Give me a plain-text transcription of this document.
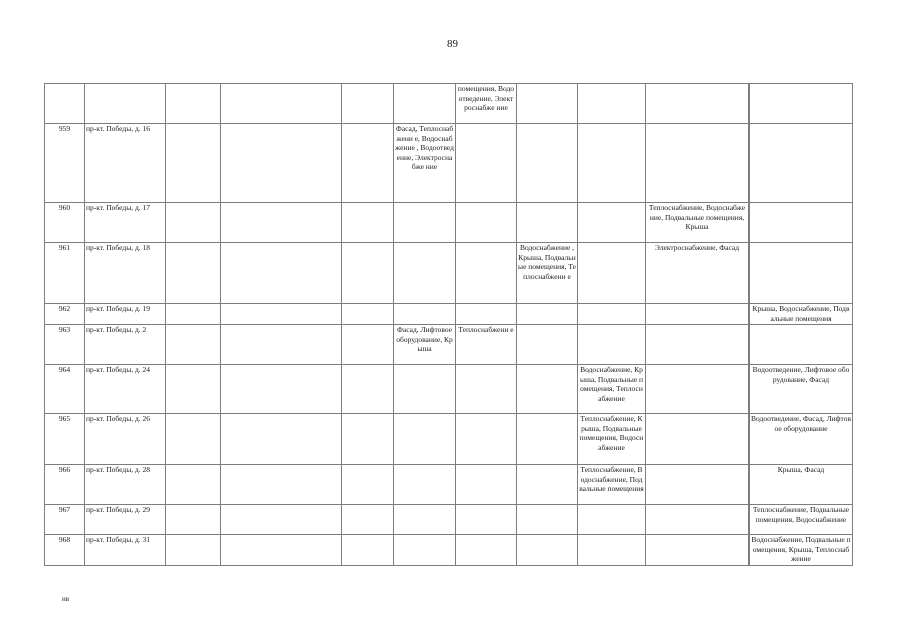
89
						помещения, Водоотведение, Электроснабже ние					
959	пр-кт. Победы, д. 16				Фасад, Теплоснабжени е, Водоснабжение , Водоотведение, Электроснабже ние						
960	пр-кт. Победы, д. 17								Теплоснабжение, Водоснабжение, Подвальные помещения, Крыша		
961	пр-кт. Победы, д. 18						Водоснабжение , Крыша, Подвальные помещения, Теплоснабжени е		Электроснабжение, Фасад		
962	пр-кт. Победы, д. 19										Крыша, Водоснабжение, Подвальные помещения
963	пр-кт. Победы, д. 2				Фасад, Лифтовое оборудование, Крыша	Теплоснабжени е					
964	пр-кт. Победы, д. 24							Водоснабжение, Крыша, Подвальные помещения, Теплоснабжение			Водоотведение, Лифтовое оборудование, Фасад
965	пр-кт. Победы, д. 26							Теплоснабжение, Крыша, Подвальные помещения, Водоснабжение			Водоотведение, Фасад, Лифтовое оборудование
966	пр-кт. Победы, д. 28							Теплоснабжение, Водоснабжение, Подвальные помещения			Крыша, Фасад
967	пр-кт. Победы, д. 29										Теплоснабжение, Подвальные помещения, Водоснабжение
968	пр-кт. Победы, д. 31										Водоснабжение, Подвальные помещения, Крыша, Теплоснабжение
нв
